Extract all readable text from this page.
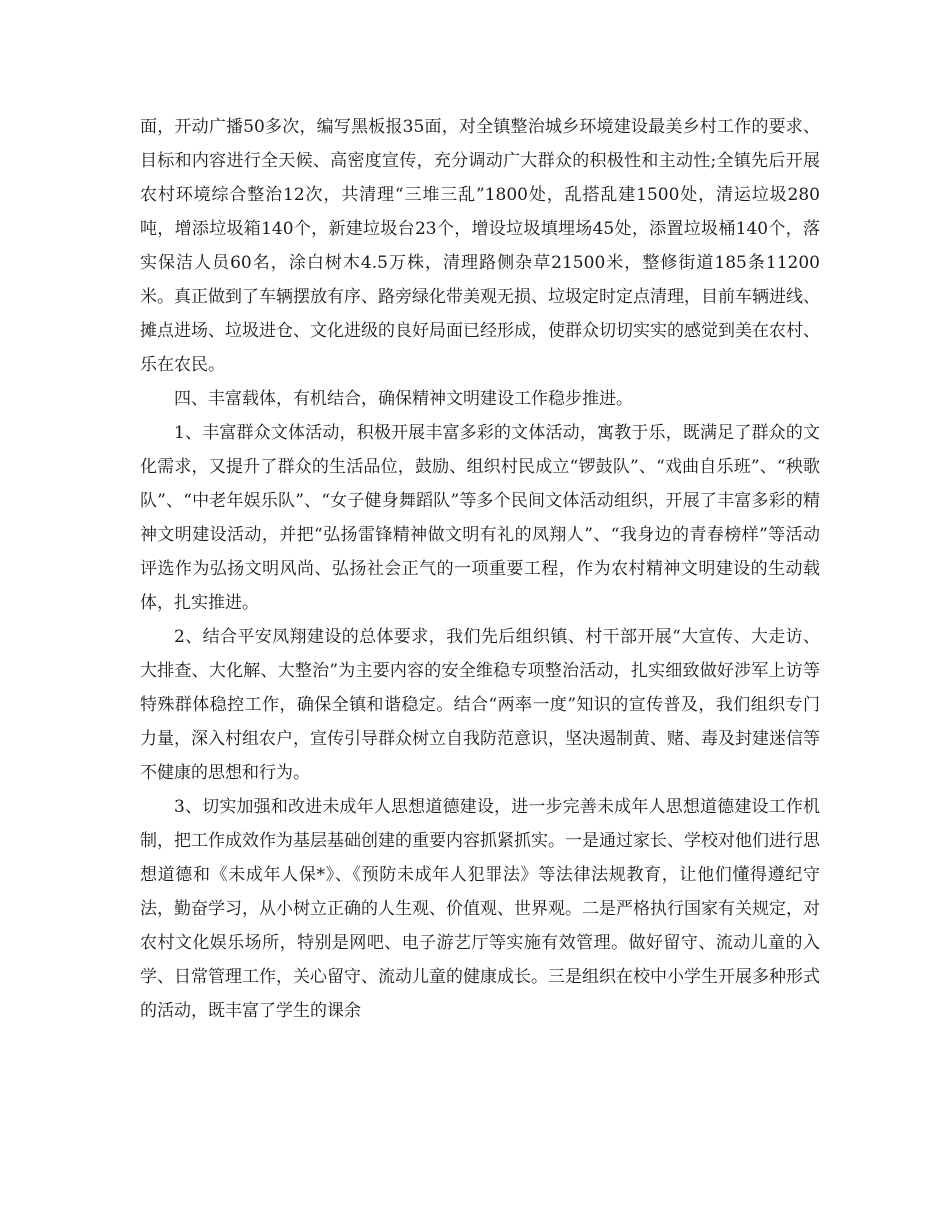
面，开动广播50多次，编写黑板报35面，对全镇整治城乡环境建设最美乡村工作的要求、目标和内容进行全天候、高密度宣传，充分调动广大群众的积极性和主动性;全镇先后开展农村环境综合整治12次，共清理“三堆三乱”1800处，乱搭乱建1500处，清运垃圾280吨，增添垃圾箱140个，新建垃圾台23个，增设垃圾填埋场45处，添置垃圾桶140个，落实保洁人员60名，涂白树木4.5万株，清理路侧杂草21500米，整修街道185条11200米。真正做到了车辆摆放有序、路旁绿化带美观无损、垃圾定时定点清理，目前车辆进线、摊点进场、垃圾进仓、文化进级的良好局面已经形成，使群众切切实实的感觉到美在农村、乐在农民。

四、丰富载体，有机结合，确保精神文明建设工作稳步推进。

1、丰富群众文体活动，积极开展丰富多彩的文体活动，寓教于乐，既满足了群众的文化需求，又提升了群众的生活品位，鼓励、组织村民成立“锣鼓队”、“戏曲自乐班”、“秧歌队”、“中老年娱乐队”、“女子健身舞蹈队”等多个民间文体活动组织，开展了丰富多彩的精神文明建设活动，并把“弘扬雷锋精神做文明有礼的凤翔人”、“我身边的青春榜样”等活动评选作为弘扬文明风尚、弘扬社会正气的一项重要工程，作为农村精神文明建设的生动载体，扎实推进。

2、结合平安凤翔建设的总体要求，我们先后组织镇、村干部开展“大宣传、大走访、大排查、大化解、大整治”为主要内容的安全维稳专项整治活动，扎实细致做好涉军上访等特殊群体稳控工作，确保全镇和谐稳定。结合“两率一度”知识的宣传普及，我们组织专门力量，深入村组农户，宣传引导群众树立自我防范意识，坚决遏制黄、赌、毒及封建迷信等不健康的思想和行为。

3、切实加强和改进未成年人思想道德建设，进一步完善未成年人思想道德建设工作机制，把工作成效作为基层基础创建的重要内容抓紧抓实。一是通过家长、学校对他们进行思想道德和《未成年人保*》、《预防未成年人犯罪法》等法律法规教育，让他们懂得遵纪守法，勤奋学习，从小树立正确的人生观、价值观、世界观。二是严格执行国家有关规定，对农村文化娱乐场所，特别是网吧、电子游艺厅等实施有效管理。做好留守、流动儿童的入学、日常管理工作，关心留守、流动儿童的健康成长。三是组织在校中小学生开展多种形式的活动，既丰富了学生的课余
